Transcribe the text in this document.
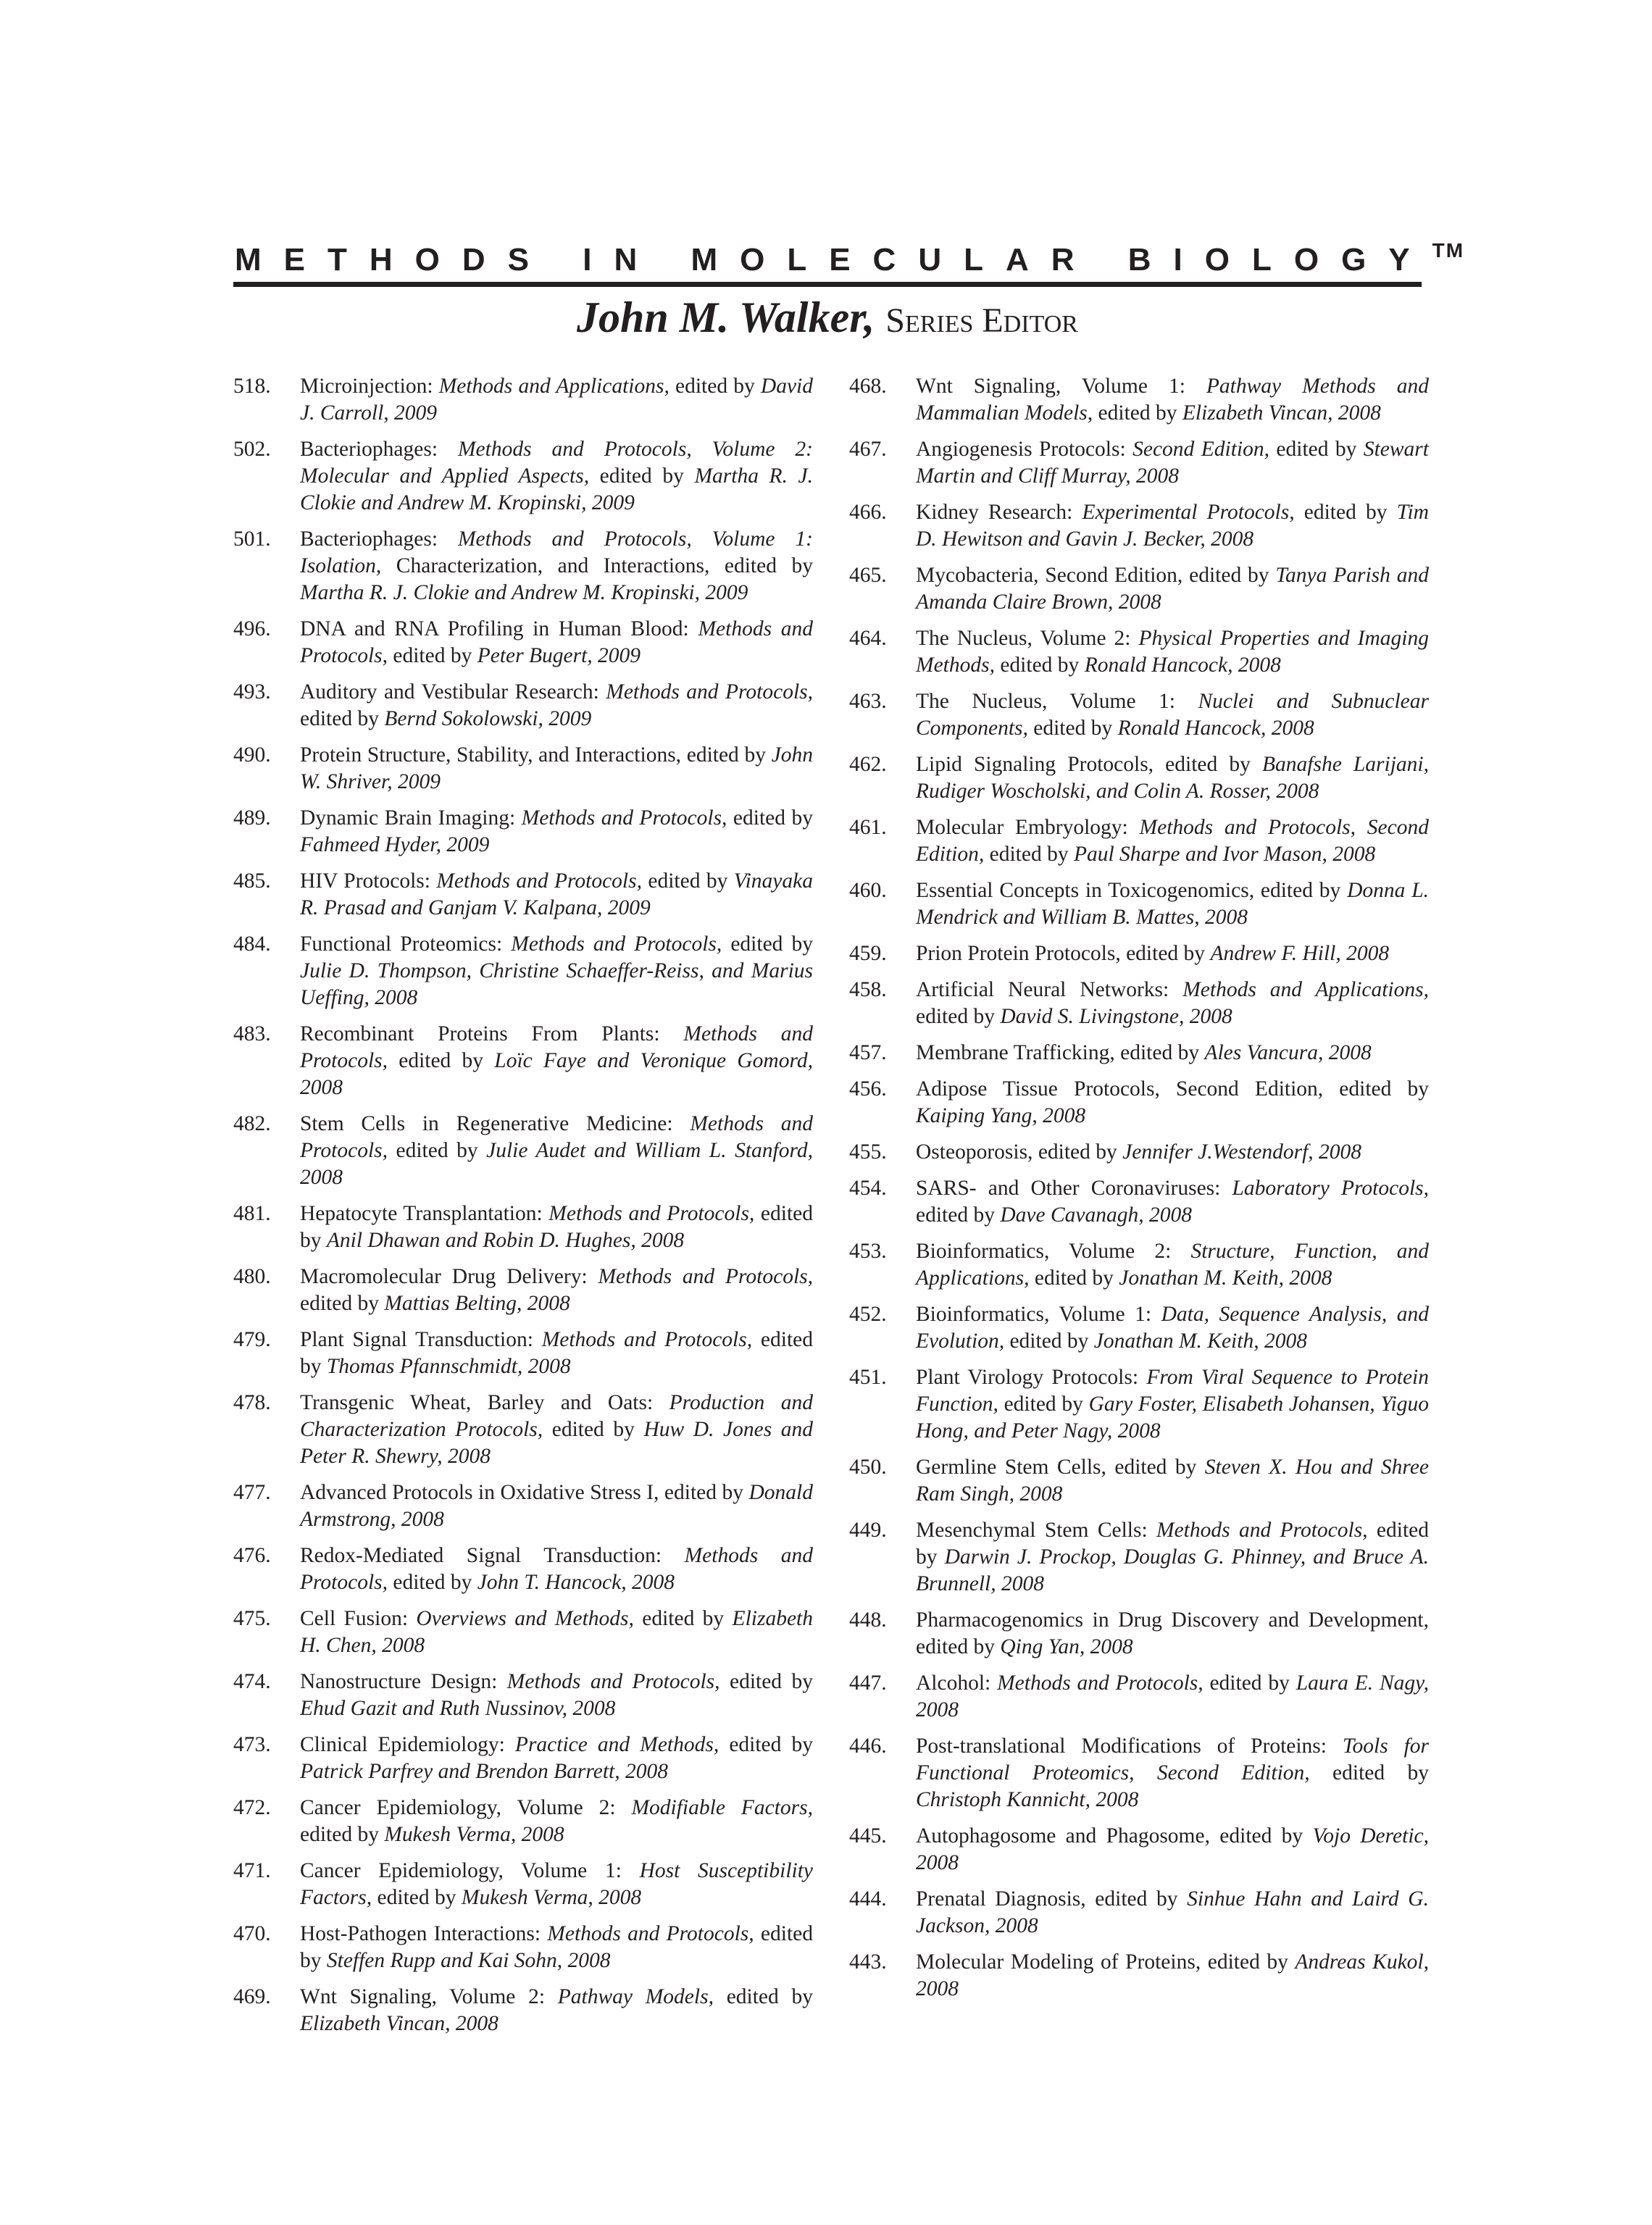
METHODS IN MOLECULAR BIOLOGY™
John M. Walker, Series Editor
518.	Microinjection: Methods and Applications, edited by David J. Carroll, 2009
502.	Bacteriophages: Methods and Protocols, Volume 2: Molecular and Applied Aspects, edited by Martha R. J. Clokie and Andrew M. Kropinski, 2009
501.	Bacteriophages: Methods and Protocols, Volume 1: Isolation, Characterization, and Interactions, edited by Martha R. J. Clokie and Andrew M. Kropinski, 2009
496.	DNA and RNA Profiling in Human Blood: Methods and Protocols, edited by Peter Bugert, 2009
493.	Auditory and Vestibular Research: Methods and Protocols, edited by Bernd Sokolowski, 2009
490.	Protein Structure, Stability, and Interactions, edited by John W. Shriver, 2009
489.	Dynamic Brain Imaging: Methods and Protocols, edited by Fahmeed Hyder, 2009
485.	HIV Protocols: Methods and Protocols, edited by Vinayaka R. Prasad and Ganjam V. Kalpana, 2009
484.	Functional Proteomics: Methods and Protocols, edited by Julie D. Thompson, Christine Schaeffer-Reiss, and Marius Ueffing, 2008
483.	Recombinant Proteins From Plants: Methods and Protocols, edited by Loïc Faye and Veronique Gomord, 2008
482.	Stem Cells in Regenerative Medicine: Methods and Protocols, edited by Julie Audet and William L. Stanford, 2008
481.	Hepatocyte Transplantation: Methods and Protocols, edited by Anil Dhawan and Robin D. Hughes, 2008
480.	Macromolecular Drug Delivery: Methods and Protocols, edited by Mattias Belting, 2008
479.	Plant Signal Transduction: Methods and Protocols, edited by Thomas Pfannschmidt, 2008
478.	Transgenic Wheat, Barley and Oats: Production and Characterization Protocols, edited by Huw D. Jones and Peter R. Shewry, 2008
477.	Advanced Protocols in Oxidative Stress I, edited by Donald Armstrong, 2008
476.	Redox-Mediated Signal Transduction: Methods and Protocols, edited by John T. Hancock, 2008
475.	Cell Fusion: Overviews and Methods, edited by Elizabeth H. Chen, 2008
474.	Nanostructure Design: Methods and Protocols, edited by Ehud Gazit and Ruth Nussinov, 2008
473.	Clinical Epidemiology: Practice and Methods, edited by Patrick Parfrey and Brendon Barrett, 2008
472.	Cancer Epidemiology, Volume 2: Modifiable Factors, edited by Mukesh Verma, 2008
471.	Cancer Epidemiology, Volume 1: Host Susceptibility Factors, edited by Mukesh Verma, 2008
470.	Host-Pathogen Interactions: Methods and Protocols, edited by Steffen Rupp and Kai Sohn, 2008
469.	Wnt Signaling, Volume 2: Pathway Models, edited by Elizabeth Vincan, 2008
468.	Wnt Signaling, Volume 1: Pathway Methods and Mammalian Models, edited by Elizabeth Vincan, 2008
467.	Angiogenesis Protocols: Second Edition, edited by Stewart Martin and Cliff Murray, 2008
466.	Kidney Research: Experimental Protocols, edited by Tim D. Hewitson and Gavin J. Becker, 2008
465.	Mycobacteria, Second Edition, edited by Tanya Parish and Amanda Claire Brown, 2008
464.	The Nucleus, Volume 2: Physical Properties and Imaging Methods, edited by Ronald Hancock, 2008
463.	The Nucleus, Volume 1: Nuclei and Subnuclear Components, edited by Ronald Hancock, 2008
462.	Lipid Signaling Protocols, edited by Banafshe Larijani, Rudiger Woscholski, and Colin A. Rosser, 2008
461.	Molecular Embryology: Methods and Protocols, Second Edition, edited by Paul Sharpe and Ivor Mason, 2008
460.	Essential Concepts in Toxicogenomics, edited by Donna L. Mendrick and William B. Mattes, 2008
459.	Prion Protein Protocols, edited by Andrew F. Hill, 2008
458.	Artificial Neural Networks: Methods and Applications, edited by David S. Livingstone, 2008
457.	Membrane Trafficking, edited by Ales Vancura, 2008
456.	Adipose Tissue Protocols, Second Edition, edited by Kaiping Yang, 2008
455.	Osteoporosis, edited by Jennifer J.Westendorf, 2008
454.	SARS- and Other Coronaviruses: Laboratory Protocols, edited by Dave Cavanagh, 2008
453.	Bioinformatics, Volume 2: Structure, Function, and Applications, edited by Jonathan M. Keith, 2008
452.	Bioinformatics, Volume 1: Data, Sequence Analysis, and Evolution, edited by Jonathan M. Keith, 2008
451.	Plant Virology Protocols: From Viral Sequence to Protein Function, edited by Gary Foster, Elisabeth Johansen, Yiguo Hong, and Peter Nagy, 2008
450.	Germline Stem Cells, edited by Steven X. Hou and Shree Ram Singh, 2008
449.	Mesenchymal Stem Cells: Methods and Protocols, edited by Darwin J. Prockop, Douglas G. Phinney, and Bruce A. Brunnell, 2008
448.	Pharmacogenomics in Drug Discovery and Development, edited by Qing Yan, 2008
447.	Alcohol: Methods and Protocols, edited by Laura E. Nagy, 2008
446.	Post-translational Modifications of Proteins: Tools for Functional Proteomics, Second Edition, edited by Christoph Kannicht, 2008
445.	Autophagosome and Phagosome, edited by Vojo Deretic, 2008
444.	Prenatal Diagnosis, edited by Sinhue Hahn and Laird G. Jackson, 2008
443.	Molecular Modeling of Proteins, edited by Andreas Kukol, 2008
